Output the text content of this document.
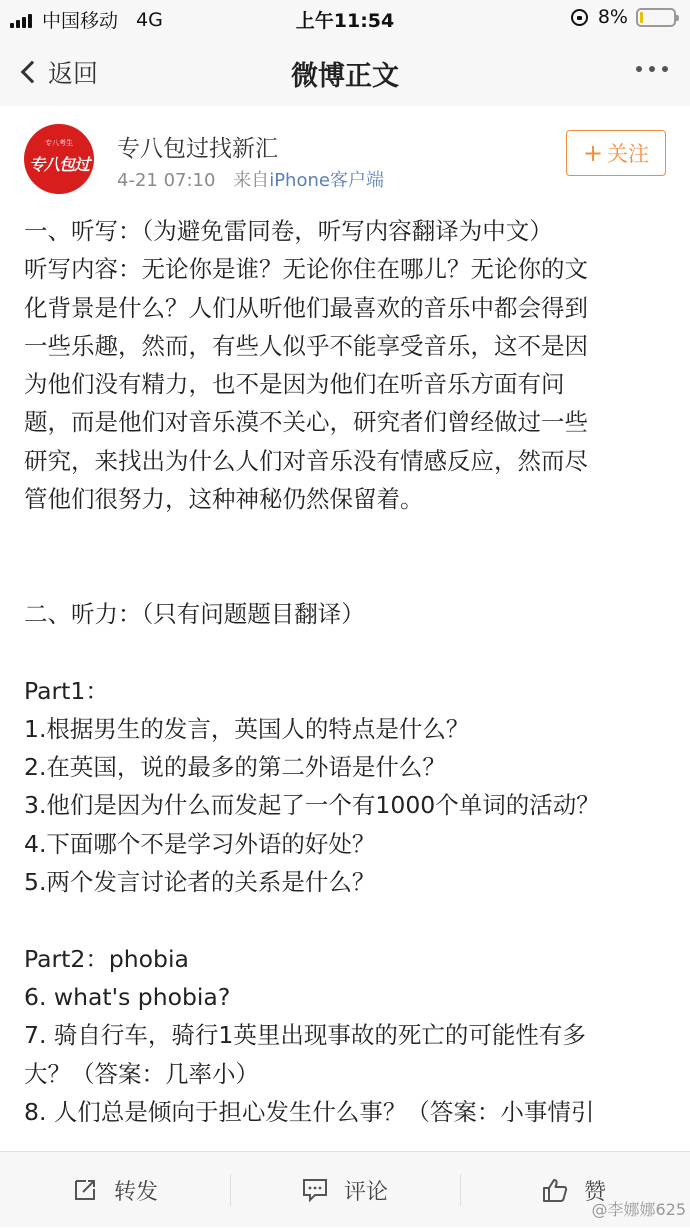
中国移动 4G	上午11:54	8%
返回	微博正文
专八考生
专八包过
专八包过找新汇
4-21 07:10 来自iPhone客户端
+ 关注
一、听写：（为避免雷同卷，听写内容翻译为中文）
听写内容：无论你是谁？无论你住在哪儿？无论你的文
化背景是什么？人们从听他们最喜欢的音乐中都会得到
一些乐趣，然而，有些人似乎不能享受音乐，这不是因
为他们没有精力，也不是因为他们在听音乐方面有问
题，而是他们对音乐漠不关心，研究者们曾经做过一些
研究，来找出为什么人们对音乐没有情感反应，然而尽
管他们很努力，这种神秘仍然保留着。
二、听力：（只有问题题目翻译）
Part1：
1.根据男生的发言，英国人的特点是什么？
2.在英国，说的最多的第二外语是什么？
3.他们是因为什么而发起了一个有1000个单词的活动？
4.下面哪个不是学习外语的好处？
5.两个发言讨论者的关系是什么？
Part2：phobia
6. what's phobia?
7. 骑自行车，骑行1英里出现事故的死亡的可能性有多
大？（答案：几率小）
8. 人们总是倾向于担心发生什么事？（答案：小事情引
转发	评论	赞
@李娜娜625
